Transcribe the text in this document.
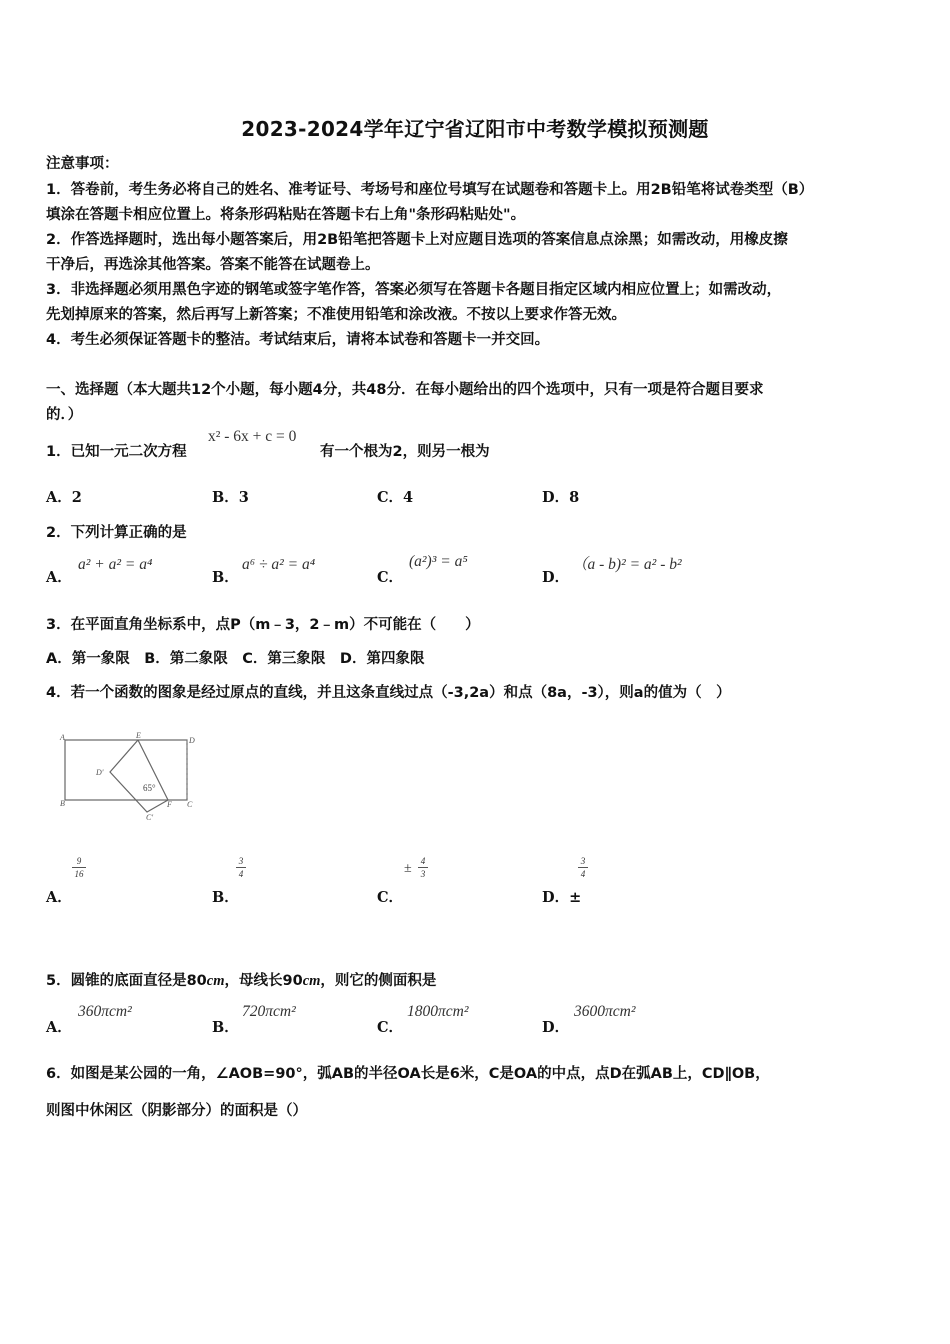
2023-2024学年辽宁省辽阳市中考数学模拟预测题
注意事项：
1．答卷前，考生务必将自己的姓名、准考证号、考场号和座位号填写在试题卷和答题卡上。用2B铅笔将试卷类型（B）
填涂在答题卡相应位置上。将条形码粘贴在答题卡右上角"条形码粘贴处"。
2．作答选择题时，选出每小题答案后，用2B铅笔把答题卡上对应题目选项的答案信息点涂黑；如需改动，用橡皮擦
干净后，再选涂其他答案。答案不能答在试题卷上。
3．非选择题必须用黑色字迹的钢笔或签字笔作答，答案必须写在答题卡各题目指定区域内相应位置上；如需改动，
先划掉原来的答案，然后再写上新答案；不准使用铅笔和涂改液。不按以上要求作答无效。
4．考生必须保证答题卡的整洁。考试结束后，请将本试卷和答题卡一并交回。
一、选择题（本大题共12个小题，每小题4分，共48分．在每小题给出的四个选项中，只有一项是符合题目要求
的．）
1．已知一元二次方程
x² - 6x + c = 0
有一个根为2，则另一根为
A．2	B．3	C．4	D．8
2．下列计算正确的是
A．
a² + a² = a⁴
B．
a⁶ ÷ a² = a⁴
C．
(a²)³ = a⁵
D．
（a - b)² = a² - b²
3．在平面直角坐标系中，点P（m﹣3，2﹣m）不可能在（　　）
A．第一象限　B．第二象限　C．第三象限　D．第四象限
4．若一个函数的图象是经过原点的直线，并且这条直线过点（-3,2a）和点（8a，-3），则a的值为（　）
A	E
D
D'
B	F C
C'
65°
A．
9
16
B．
3
4
C．
±	4
3
D．±
3
4
5．圆锥的底面直径是80cm，母线长90cm，则它的侧面积是
A．
360πcm²
B．
720πcm²
C．
1800πcm²
D．
3600πcm²
6．如图是某公园的一角，∠AOB=90°，弧AB的半径OA长是6米，C是OA的中点，点D在弧AB上，CD∥OB，
则图中休闲区（阴影部分）的面积是（）
